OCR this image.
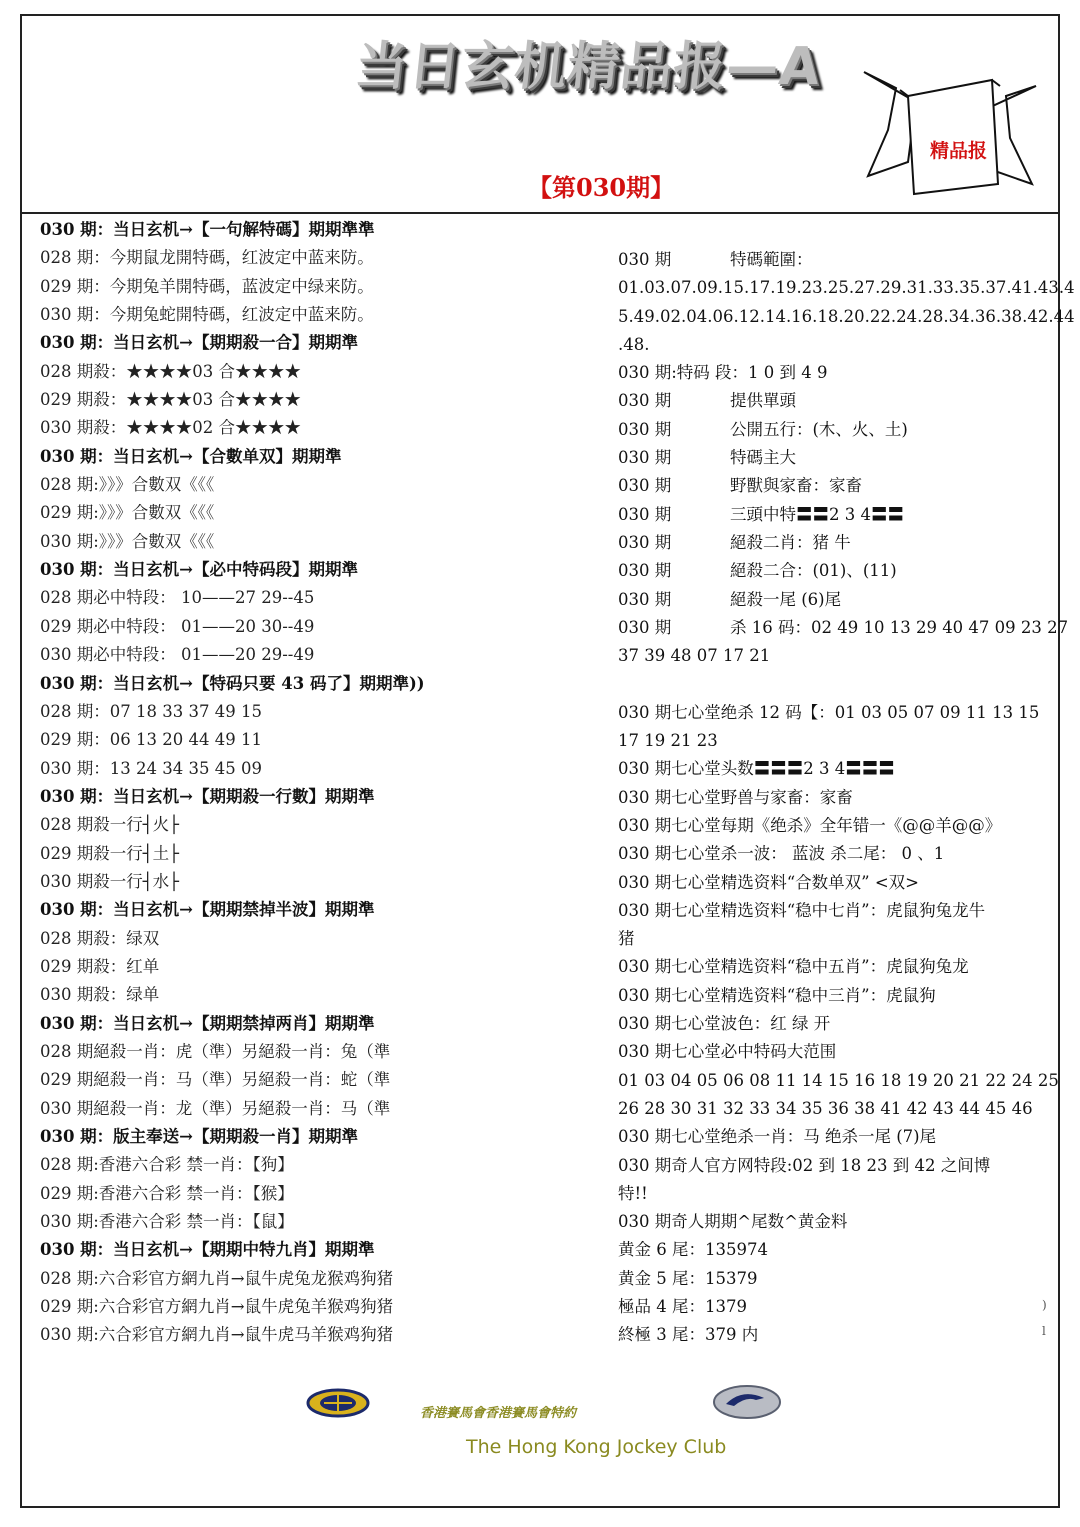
当日玄机精品报—A
【第030期】
精品报
030 期：当日玄机→【一句解特碼】期期準準
028 期：今期鼠龙開特碼，红波定中蓝来防。
029 期：今期兔羊開特碼，蓝波定中绿来防。
030 期：今期兔蛇開特碼，红波定中蓝来防。
030 期：当日玄机→【期期殺一合】期期準
028 期殺：★★★★03 合★★★★
029 期殺：★★★★03 合★★★★
030 期殺：★★★★02 合★★★★
030 期：当日玄机→【合數单双】期期準
028 期:》》》合數双《《《
029 期:》》》合數双《《《
030 期:》》》合數双《《《
030 期：当日玄机→【必中特码段】期期準
028 期必中特段： 10——27 29--45
029 期必中特段： 01——20 30--49
030 期必中特段： 01——20 29--49
030 期：当日玄机→【特码只要 43 码了】期期準))
028 期：07 18 33 37 49 15
029 期：06 13 20 44 49 11
030 期：13 24 34 35 45 09
030 期：当日玄机→【期期殺一行數】期期準
028 期殺一行┤火├
029 期殺一行┤土├
030 期殺一行┤水├
030 期：当日玄机→【期期禁掉半波】期期準
028 期殺：绿双
029 期殺：红单
030 期殺：绿单
030 期：当日玄机→【期期禁掉两肖】期期準
028 期絕殺一肖：虎（準）另絕殺一肖：兔（準
029 期絕殺一肖：马（準）另絕殺一肖：蛇（準
030 期絕殺一肖：龙（準）另絕殺一肖：马（準
030 期：版主奉送→【期期殺一肖】期期準
028 期:香港六合彩 禁一肖：【狗】
029 期:香港六合彩 禁一肖：【猴】
030 期:香港六合彩 禁一肖：【鼠】
030 期：当日玄机→【期期中特九肖】期期準
028 期:六合彩官方網九肖→鼠牛虎兔龙猴鸡狗猪
029 期:六合彩官方網九肖→鼠牛虎兔羊猴鸡狗猪
030 期:六合彩官方網九肖→鼠牛虎马羊猴鸡狗猪
030 期	特碼範圍：
01.03.07.09.15.17.19.23.25.27.29.31.33.35.37.41.43.4
5.49.02.04.06.12.14.16.18.20.22.24.28.34.36.38.42.44
.48.
030 期:特码 段：1 0 到 4 9
030 期	提供單頭
030 期	公開五行：(木、火、土)
030 期	特碼主大
030 期	野獸與家畜：家畜
030 期	三頭中特〓〓2 3 4〓〓
030 期	絕殺二肖：猪 牛
030 期	絕殺二合：(01)、(11)
030 期	絕殺一尾 (6)尾
030 期	杀 16 码：02 49 10 13 29 40 47 09 23 27
37 39 48 07 17 21
030 期七心堂绝杀 12 码【：01 03 05 07 09 11 13 15
17 19 21 23
030 期七心堂头数〓〓〓2 3 4〓〓〓
030 期七心堂野兽与家畜：家畜
030 期七心堂每期《绝杀》全年错一《@@羊@@》
030 期七心堂杀一波： 蓝波 杀二尾： 0 、1
030 期七心堂精选资料“合数单双” <双>
030 期七心堂精选资料“稳中七肖”：虎鼠狗兔龙牛
猪
030 期七心堂精选资料“稳中五肖”：虎鼠狗兔龙
030 期七心堂精选资料“稳中三肖”：虎鼠狗
030 期七心堂波色：红 绿 开
030 期七心堂必中特码大范围
01 03 04 05 06 08 11 14 15 16 18 19 20 21 22 24 25
26 28 30 31 32 33 34 35 36 38 41 42 43 44 45 46
030 期七心堂绝杀一肖：马 绝杀一尾 (7)尾
030 期奇人官方网特段:02 到 18 23 到 42 之间博
特!!
030 期奇人期期^尾数^黄金料
黄金 6 尾：135974
黄金 5 尾：15379
極品 4 尾：1379
終極 3 尾：379 内
香港賽馬會香港賽馬會特約
The Hong Kong Jockey Club
)
l
